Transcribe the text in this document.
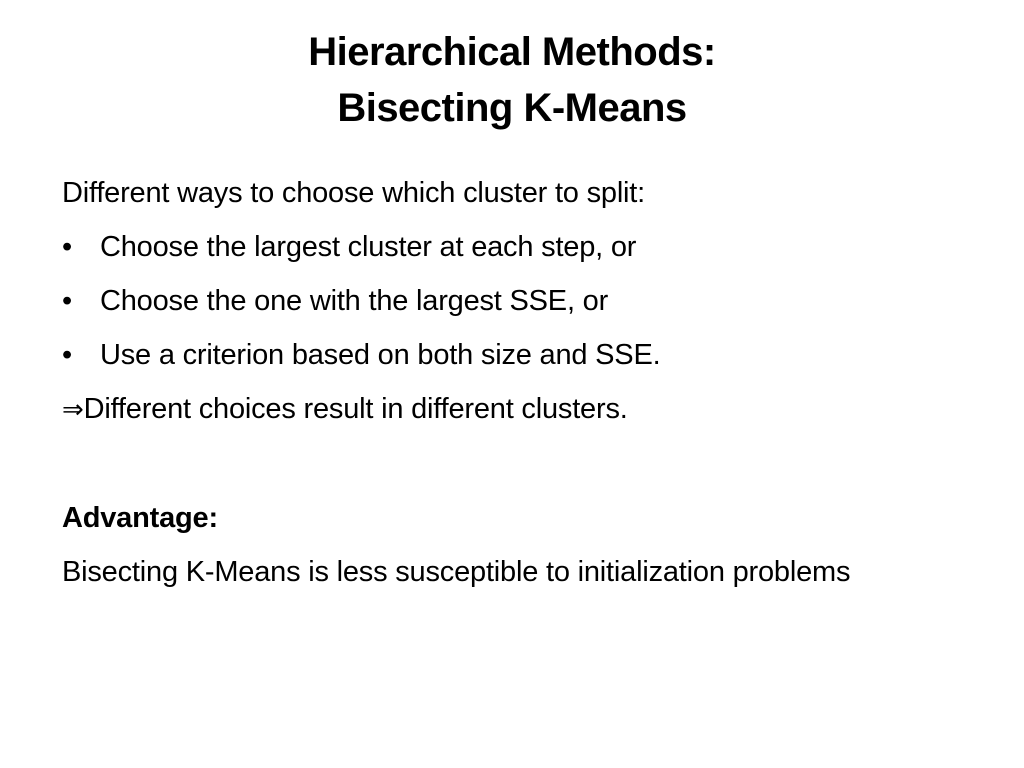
Hierarchical Methods:
Bisecting K-Means

Different ways to choose which cluster to split:

• Choose the largest cluster at each step, or
• Choose the one with the largest SSE, or
• Use a criterion based on both size and SSE.
⇒Different choices result in different clusters.

Advantage:

Bisecting K-Means is less susceptible to initialization problems
